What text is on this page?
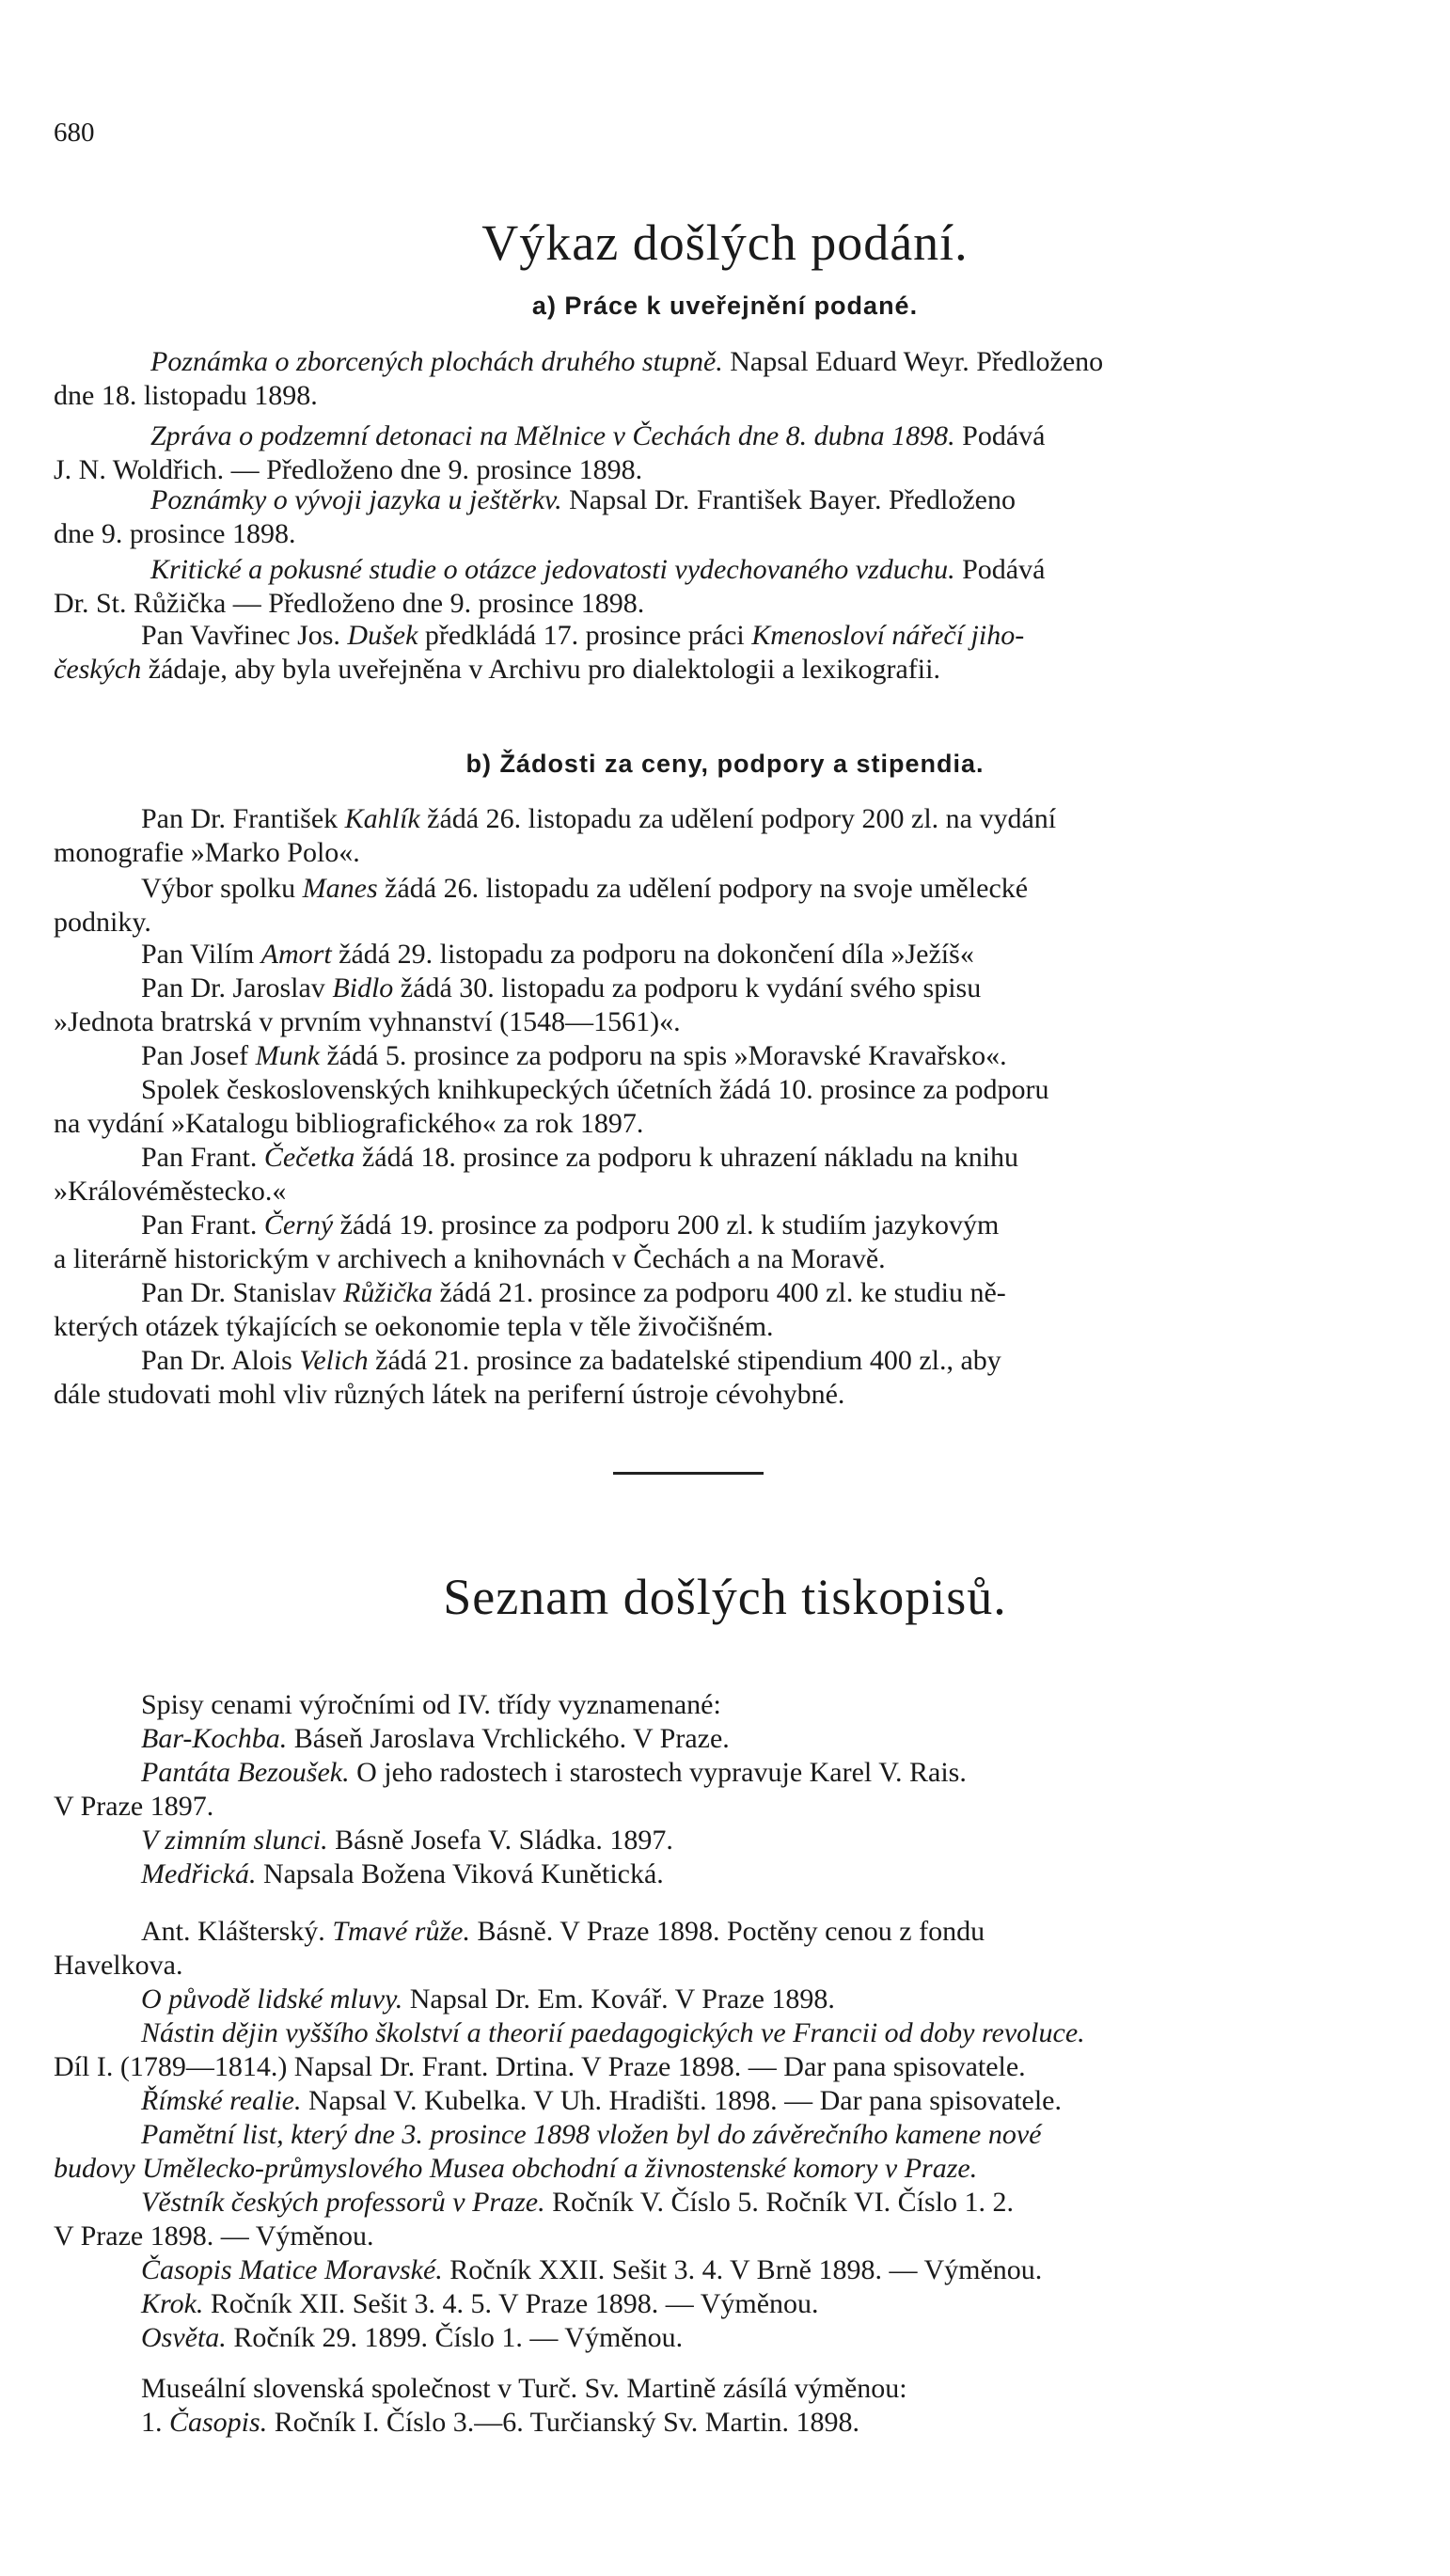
680
Výkaz došlých podání.
a) Práce k uveřejnění podané.
Poznámka o zborcených plochách druhého stupně. Napsal Eduard Weyr. Předloženo
dne 18. listopadu 1898.
Zpráva o podzemní detonaci na Mělnice v Čechách dne 8. dubna 1898. Podává
J. N. Woldřich. — Předloženo dne 9. prosince 1898.
Poznámky o vývoji jazyka u ještěrkv. Napsal Dr. František Bayer. Předloženo
dne 9. prosince 1898.
Kritické a pokusné studie o otázce jedovatosti vydechovaného vzduchu. Podává
Dr. St. Růžička — Předloženo dne 9. prosince 1898.
Pan Vavřinec Jos. Dušek předkládá 17. prosince práci Kmenosloví nářečí jiho-
českých žádaje, aby byla uveřejněna v Archivu pro dialektologii a lexikografii.
b) Žádosti za ceny, podpory a stipendia.
Pan Dr. František Kahlík žádá 26. listopadu za udělení podpory 200 zl. na vydání
monografie »Marko Polo«.
Výbor spolku Manes žádá 26. listopadu za udělení podpory na svoje umělecké
podniky.
Pan Vilím Amort žádá 29. listopadu za podporu na dokončení díla »Ježíš«
Pan Dr. Jaroslav Bidlo žádá 30. listopadu za podporu k vydání svého spisu
»Jednota bratrská v prvním vyhnanství (1548—1561)«.
Pan Josef Munk žádá 5. prosince za podporu na spis »Moravské Kravařsko«.
Spolek československých knihkupeckých účetních žádá 10. prosince za podporu
na vydání »Katalogu bibliografického« za rok 1897.
Pan Frant. Čečetka žádá 18. prosince za podporu k uhrazení nákladu na knihu
»Královéměstecko.«
Pan Frant. Černý žádá 19. prosince za podporu 200 zl. k studiím jazykovým
a literárně historickým v archivech a knihovnách v Čechách a na Moravě.
Pan Dr. Stanislav Růžička žádá 21. prosince za podporu 400 zl. ke studiu ně-
kterých otázek týkajících se oekonomie tepla v těle živočišném.
Pan Dr. Alois Velich žádá 21. prosince za badatelské stipendium 400 zl., aby
dále studovati mohl vliv různých látek na periferní ústroje cévohybné.
Seznam došlých tiskopisů.
Spisy cenami výročními od IV. třídy vyznamenané:
Bar-Kochba. Báseň Jaroslava Vrchlického. V Praze.
Pantáta Bezoušek. O jeho radostech i starostech vypravuje Karel V. Rais.
V Praze 1897.
V zimním slunci. Básně Josefa V. Sládka. 1897.
Medřická. Napsala Božena Viková Kunětická.
Ant. Klášterský. Tmavé růže. Básně. V Praze 1898. Poctěny cenou z fondu
Havelkova.
O původě lidské mluvy. Napsal Dr. Em. Kovář. V Praze 1898.
Nástin dějin vyššího školství a theorií paedagogických ve Francii od doby revoluce.
Díl I. (1789—1814.) Napsal Dr. Frant. Drtina. V Praze 1898. — Dar pana spisovatele.
Římské realie. Napsal V. Kubelka. V Uh. Hradišti. 1898. — Dar pana spisovatele.
Pamětní list, který dne 3. prosince 1898 vložen byl do závěrečního kamene nové
budovy Umělecko-průmyslového Musea obchodní a živnostenské komory v Praze.
Věstník českých professorů v Praze. Ročník V. Číslo 5. Ročník VI. Číslo 1. 2.
V Praze 1898. — Výměnou.
Časopis Matice Moravské. Ročník XXII. Sešit 3. 4. V Brně 1898. — Výměnou.
Krok. Ročník XII. Sešit 3. 4. 5. V Praze 1898. — Výměnou.
Osvěta. Ročník 29. 1899. Číslo 1. — Výměnou.
Museální slovenská společnost v Turč. Sv. Martině zásílá výměnou:
1. Časopis. Ročník I. Číslo 3.—6. Turčianský Sv. Martin. 1898.
